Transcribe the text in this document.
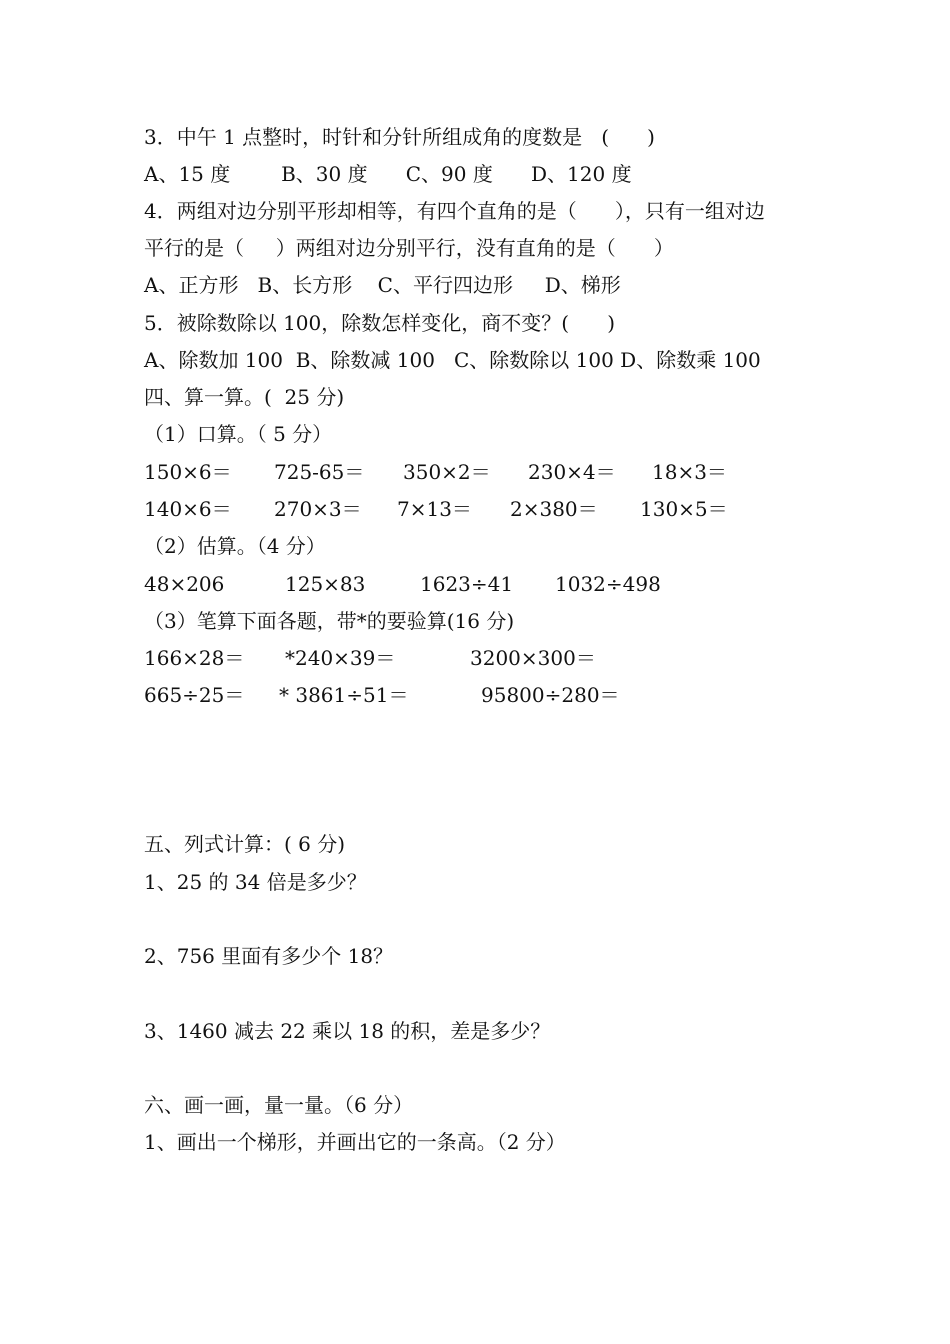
3．中午 1 点整时，时针和分针所组成角的度数是   (      )
A、15 度        B、30 度      C、90 度      D、120 度
4．两组对边分别平形却相等，有四个直角的是（      ），只有一组对边
平行的是（     ）两组对边分别平行，没有直角的是（      ）
A、正方形   B、长方形    C、平行四边形     D、梯形
5．被除数除以 100，除数怎样变化，商不变？(      )
A、除数加 100  B、除数减 100   C、除数除以 100 D、除数乘 100
四、算一算。(  25 分)
（1）口算。（ 5 分）
150×6＝ 725-65＝ 350×2＝ 230×4＝ 18×3＝
140×6＝ 270×3＝ 7×13＝ 2×380＝ 130×5＝
（2）估算。（4 分）
48×206	125×83	1623÷41 1032÷498
（3）笔算下面各题，带*的要验算(16 分)
166×28＝ *240×39＝	3200×300＝
665÷25＝ * 3861÷51＝	95800÷280＝
五、列式计算：( 6 分)
1、25 的 34 倍是多少？
2、756 里面有多少个 18？
3、1460 减去 22 乘以 18 的积，差是多少？
六、画一画，量一量。（6 分）
1、画出一个梯形，并画出它的一条高。（2 分）
